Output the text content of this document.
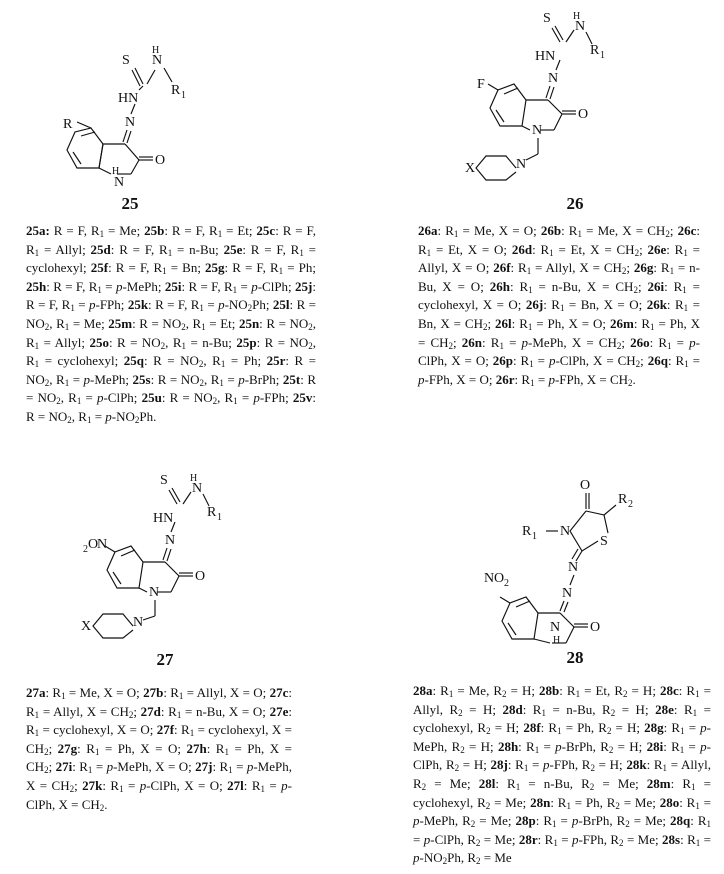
S N
H
R 1
HN
N
O
N
H
R
25
25a: R = F, $R_1 = Me$; 25b: R = F, $R_1 = Et$; 25c: R = F, $R_1$ = Allyl; 25d: R = F, $R_1 = n-Bu$; 25e: R = F, $R_1$ = cyclohexyl; 25f: R = F, $R_1 = Bn$; 25g: R = F, $R_1 = Ph$; 25h: R = F, $R_1$ = p-MePh; 25i: R = F, $R_1$ = p-ClPh; 25j: R = F, $R_1 = p-FPh$; 25k: R = F, $R_1 = p-NO_2Ph$; 25l: $R = NO_2$, $R_1 = Me$; 25m: $R = NO_2$, $R_1 = Et$; 25n: $R = NO_2$, $R_1$ = Allyl; 25o: $R = NO_2$, $R_1 = n-Bu$; 25p: $R = NO_2$, $R_1$ = cyclohexyl; 25q: $R = NO_2$, $R_1 = Ph$; 25r: $R = NO_2$, $R_1$ = p-MePh; 25s: $R = NO_2$, $R_1$ = p-BrPh; 25t: $R = NO_2$, $R_1$ = p-ClPh; 25u: $R = NO_2$, $R_1 = p-FPh$; 25v: $R = NO_2$, $R_1 = p-NO_2Ph$.
S
N
H
R 1
HN
N
O
N
F
N
X
26
26a: $R_1 = Me$, X = O; 26b: $R_1 = Me$, $X = CH_2$; 26c: $R_1 = Et$, X = O; 26d: $R_1 = Et$, $X = CH_2$; 26e: $R_1$ = Allyl, X = O; 26f: $R_1$ = Allyl, $X = CH_2$; 26g: $R_1 = n-Bu$, X = O; 26h: $R_1 = n-Bu$, $X = CH_2$; 26i: $R_1$ = cyclohexyl, X = O; 26j: $R_1 = Bn$, X = O; 26k: $R_1 = Bn$, $X = CH_2$; 26l: $R_1 = Ph$, X = O; 26m: $R_1 = Ph$, $X = CH_2$; 26n: $R_1$ = p-MePh, $X = CH_2$; 26o: $R_1$ = p-ClPh, X = O; 26p: $R_1$ = p-ClPh, $X = CH_2$; 26q: $R_1 = p-FPh$, X = O; 26r: $R_1 = p-FPh$, $X = CH_2$.
S
N
H
R 1
HN
N
O
N
O
2 N
N
X
27
27a: $R_1 = Me$, X = O; 27b: $R_1$ = Allyl, X = O; 27c: $R_1$ = Allyl, $X = CH_2$; 27d: $R_1 = n-Bu$, X = O; 27e: $R_1$ = cyclohexyl, X = O; 27f: $R_1$ = cyclohexyl, $X = CH_2$; 27g: $R_1 = Ph$, X = O; 27h: $R_1 = Ph$, $X = CH_2$; 27i: $R_1$ = p-MePh, X = O; 27j: $R_1$ = p-MePh, $X = CH_2$; 27k: $R_1$ = p-ClPh, X = O; 27l: $R_1$ = p-ClPh, $X = CH_2$.
O
R 2
S
N
R 1
N
N
O
N
H
O 2
N
28
28a: $R_1 = Me$, $R_2 = H$; 28b: $R_1 = Et$, $R_2 = H$; 28c: $R_1$ = Allyl, $R_2 = H$; 28d: $R_1 = n-Bu$, $R_2 = H$; 28e: $R_1$ = cyclohexyl, $R_2 = H$; 28f: $R_1 = Ph$, $R_2 = H$; 28g: $R_1$ = p-MePh, $R_2 = H$; 28h: $R_1$ = p-BrPh, $R_2 = H$; 28i: $R_1$ = p-ClPh, $R_2 = H$; 28j: $R_1 = p-FPh$, $R_2 = H$; 28k: $R_1$ = Allyl, $R_2 = Me$; 28l: $R_1 = n-Bu$, $R_2 = Me$; 28m: $R_1$ = cyclohexyl, $R_2 = Me$; 28n: $R_1 = Ph$, $R_2 = Me$; 28o: $R_1$ = p-MePh, $R_2 = Me$; 28p: $R_1$ = p-BrPh, $R_2 = Me$; 28q: $R_1$ = p-ClPh, $R_2 = Me$; 28r: $R_1 = p-FPh$, $R_2 = Me$; 28s: $R_1 = p-NO_2Ph$, $R_2 = Me$
